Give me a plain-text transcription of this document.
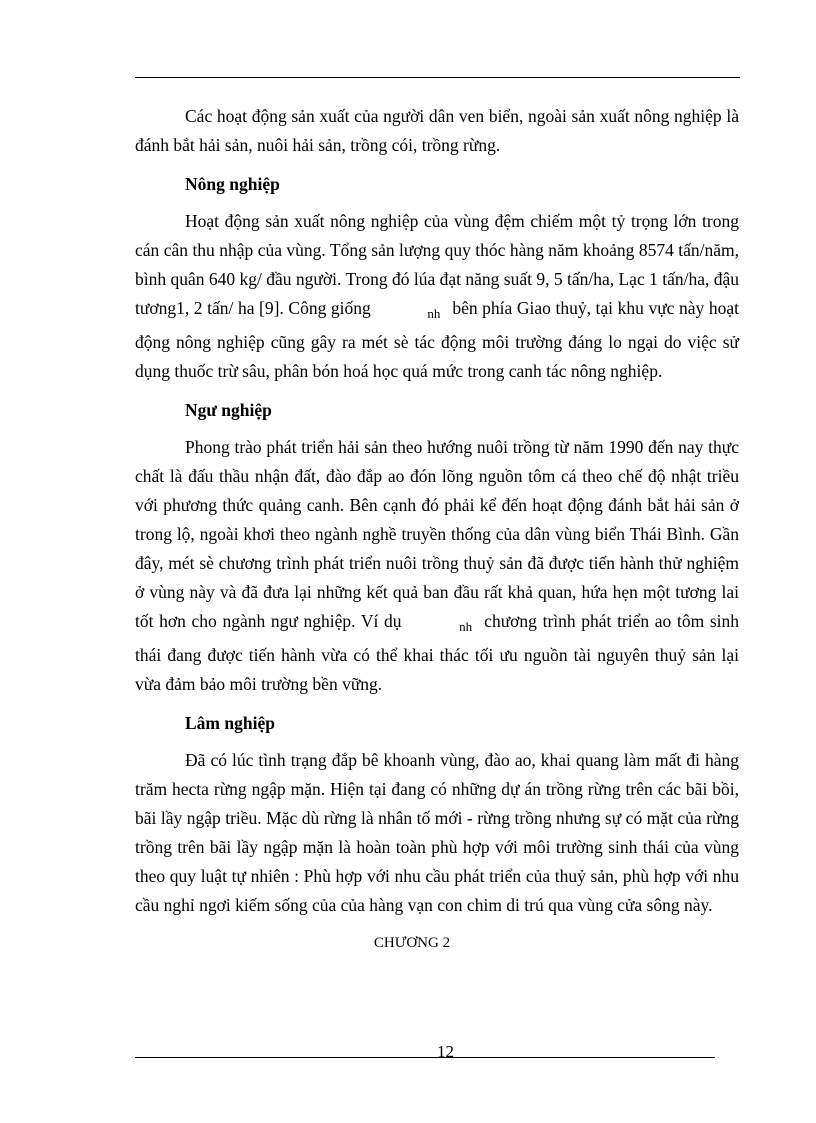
Các hoạt động sản xuất của người dân ven biển, ngoài sản xuất nông nghiệp là đánh bắt hải sản, nuôi hải sản, trồng cói, trồng rừng.

Nông nghiệp

Hoạt động sản xuất nông nghiệp của vùng đệm chiếm một tỷ trọng lớn trong cán cân thu nhập của vùng. Tổng sản lượng quy thóc hàng năm khoảng 8574 tấn/năm, bình quân 640 kg/ đầu người. Trong đó lúa đạt năng suất 9, 5 tấn/ha, Lạc 1 tấn/ha, đậu tương1, 2 tấn/ ha [9]. Công giống	nh bên phía Giao thuỷ, tại khu vực này hoạt động nông nghiệp cũng gây ra mét sè tác động môi trường đáng lo ngại do việc sử dụng thuốc trừ sâu, phân bón hoá học quá mức trong canh tác nông nghiệp.

Ngư nghiệp

Phong trào phát triển hải sản theo hướng nuôi trồng từ năm 1990 đến nay thực chất là đấu thầu nhận đất, đào đắp ao đón lõng nguồn tôm cá theo chế độ nhật triều với phương thức quảng canh. Bên cạnh đó phải kể đến hoạt động đánh bắt hải sản ở trong lộ, ngoài khơi theo ngành nghề truyền thống của dân vùng biển Thái Bình. Gần đây, mét sè chương trình phát triển nuôi trồng thuỷ sản đã được tiến hành thử nghiệm ở vùng này và đã đưa lại những kết quả ban đầu rất khả quan, hứa hẹn một tương lai tốt hơn cho ngành ngư nghiệp. Ví dụ	nh chương trình phát triển ao tôm sinh thái đang được tiến hành vừa có thể khai thác tối ưu nguồn tài nguyên thuỷ sản lại vừa đảm bảo môi trường bền vững.

Lâm nghiệp

Đã có lúc tình trạng đắp bê khoanh vùng, đào ao, khai quang làm mất đi hàng trăm hecta rừng ngập mặn. Hiện tại đang có những dự án trồng rừng trên các bãi bồi, bãi lầy ngập triều. Mặc dù rừng là nhân tố mới - rừng trồng nhưng sự có mặt của rừng trồng trên bãi lầy ngập mặn là hoàn toàn phù hợp với môi trường sinh thái của vùng theo quy luật tự nhiên : Phù hợp với nhu cầu phát triển của thuỷ sản, phù hợp với nhu cầu nghỉ ngơi kiếm sống của của hàng vạn con chim di trú qua vùng cửa sông này.

CHƯƠNG 2
12
